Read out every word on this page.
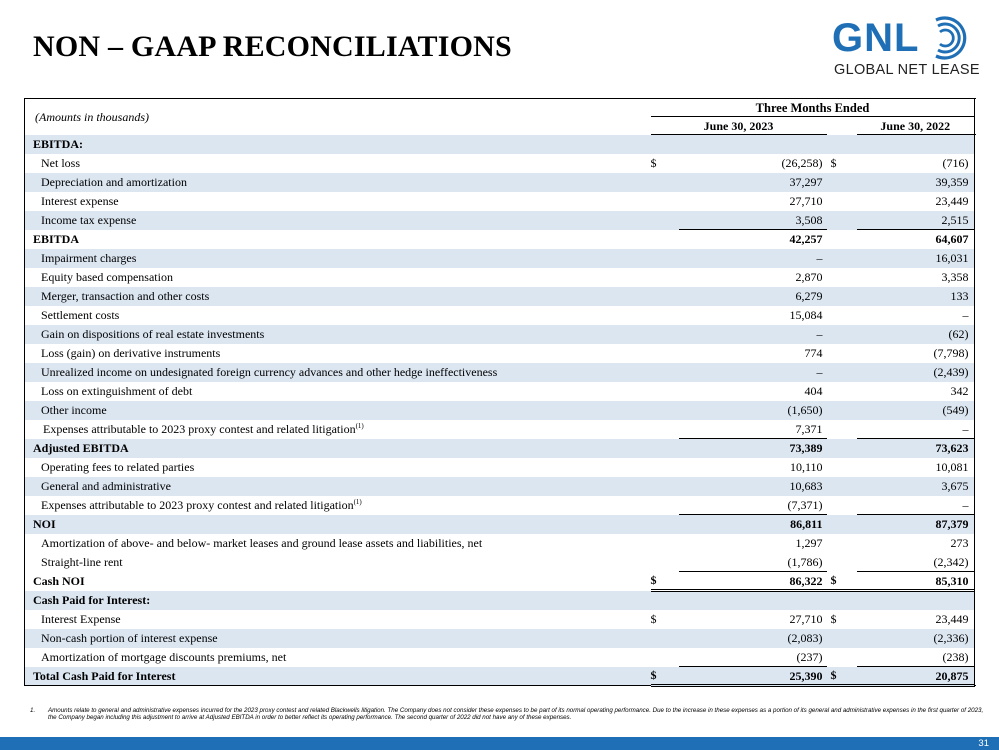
NON – GAAP RECONCILIATIONS	GNL
GLOBAL NET LEASE
(Amounts in thousands)	Three Months Ended			
	June 30, 2023			June 30, 2022
EBITDA:				
Net loss	$	(26,258)	$	(716)
Depreciation and amortization		37,297		39,359
Interest expense		27,710		23,449
Income tax expense		3,508		2,515
EBITDA		42,257		64,607
Impairment charges		–		16,031
Equity based compensation		2,870		3,358
Merger, transaction and other costs		6,279		133
Settlement costs		15,084		–
Gain on dispositions of real estate investments		–		(62)
Loss (gain) on derivative instruments		774		(7,798)
Unrealized income on undesignated foreign currency advances and other hedge ineffectiveness		–		(2,439)
Loss on extinguishment of debt		404		342
Other income		(1,650)		(549)
Expenses attributable to 2023 proxy contest and related litigation$^{(1)}$		7,371		–
Adjusted EBITDA		73,389		73,623
Operating fees to related parties		10,110		10,081
General and administrative		10,683		3,675
Expenses attributable to 2023 proxy contest and related litigation$^{(1)}$		(7,371)		–
NOI		86,811		87,379
Amortization of above- and below- market leases and ground lease assets and liabilities, net		1,297		273
Straight-line rent		(1,786)		(2,342)
Cash NOI	$	86,322	$	85,310
Cash Paid for Interest:				
Interest Expense	$	27,710	$	23,449
Non-cash portion of interest expense		(2,083)		(2,336)
Amortization of mortgage discounts premiums, net		(237)		(238)
Total Cash Paid for Interest	$	25,390	$	20,875
1.	Amounts relate to general and administrative expenses incurred for the 2023 proxy contest and related Blackwells litigation. The Company does not consider these expenses to be part of its normal operating performance. Due to the increase in these expenses as a portion of its general and administrative expenses in the first quarter of 2023, the Company began including this adjustment to arrive at Adjusted EBITDA in order to better reflect its operating performance. The second quarter of 2022 did not have any of these expenses.
31
